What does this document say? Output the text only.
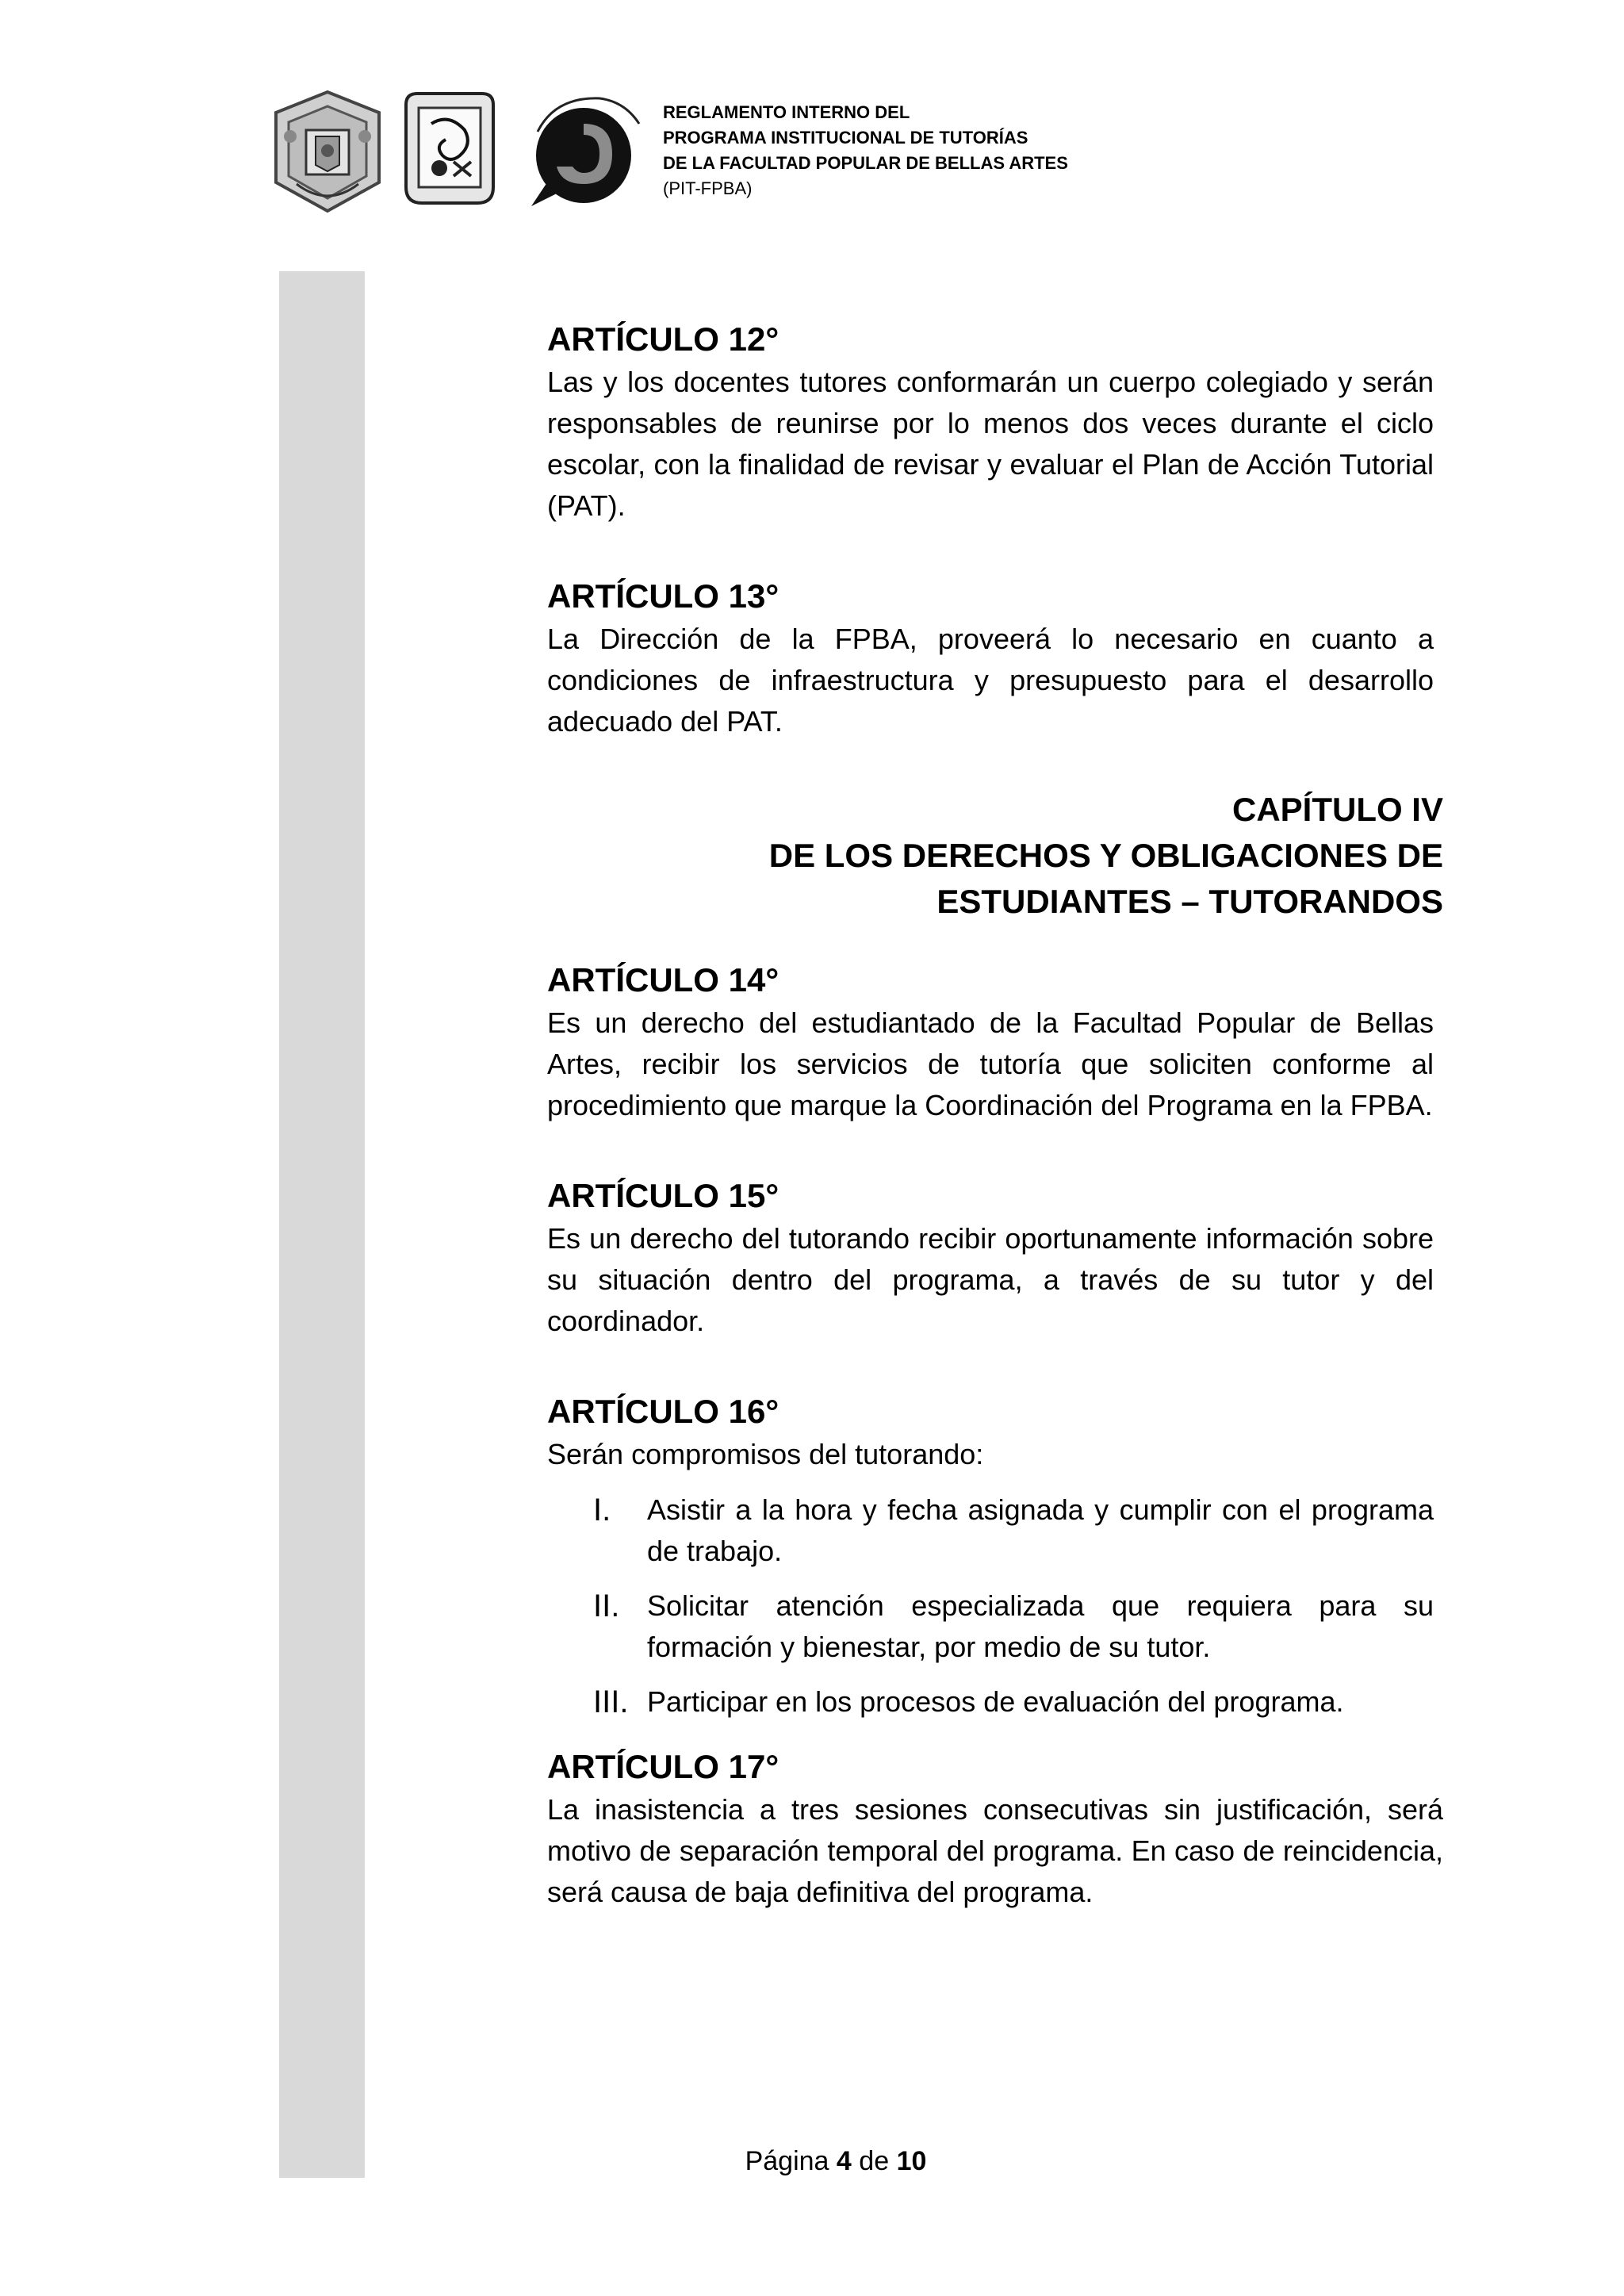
REGLAMENTO INTERNO DEL
PROGRAMA INSTITUCIONAL DE TUTORÍAS
DE LA FACULTAD POPULAR DE BELLAS ARTES
(PIT-FPBA)
ARTÍCULO 12°

Las y los docentes tutores conformarán un cuerpo colegiado y serán responsables de reunirse por lo menos dos veces durante el ciclo escolar, con la finalidad de revisar y evaluar el Plan de Acción Tutorial (PAT).

ARTÍCULO 13°

La Dirección de la FPBA, proveerá lo necesario en cuanto a condiciones de infraestructura y presupuesto para el desarrollo adecuado del PAT.

CAPÍTULO IV
DE LOS DERECHOS Y OBLIGACIONES DE
ESTUDIANTES – TUTORANDOS
ARTÍCULO 14°

Es un derecho del estudiantado de la Facultad Popular de Bellas Artes, recibir los servicios de tutoría que soliciten conforme al procedimiento que marque la Coordinación del Programa en la FPBA.

ARTÍCULO 15°

Es un derecho del tutorando recibir oportunamente información sobre su situación dentro del programa, a través de su tutor y del coordinador.

ARTÍCULO 16°

Serán compromisos del tutorando:

I.	Asistir a la hora y fecha asignada y cumplir con el programa de trabajo.
II. Solicitar atención especializada que requiera para su formación y bienestar, por medio de su tutor.
III. Participar en los procesos de evaluación del programa.
ARTÍCULO 17°

La inasistencia a tres sesiones consecutivas sin justificación, será motivo de separación temporal del programa. En caso de reincidencia, será causa de baja definitiva del programa.

Página 4 de 10
